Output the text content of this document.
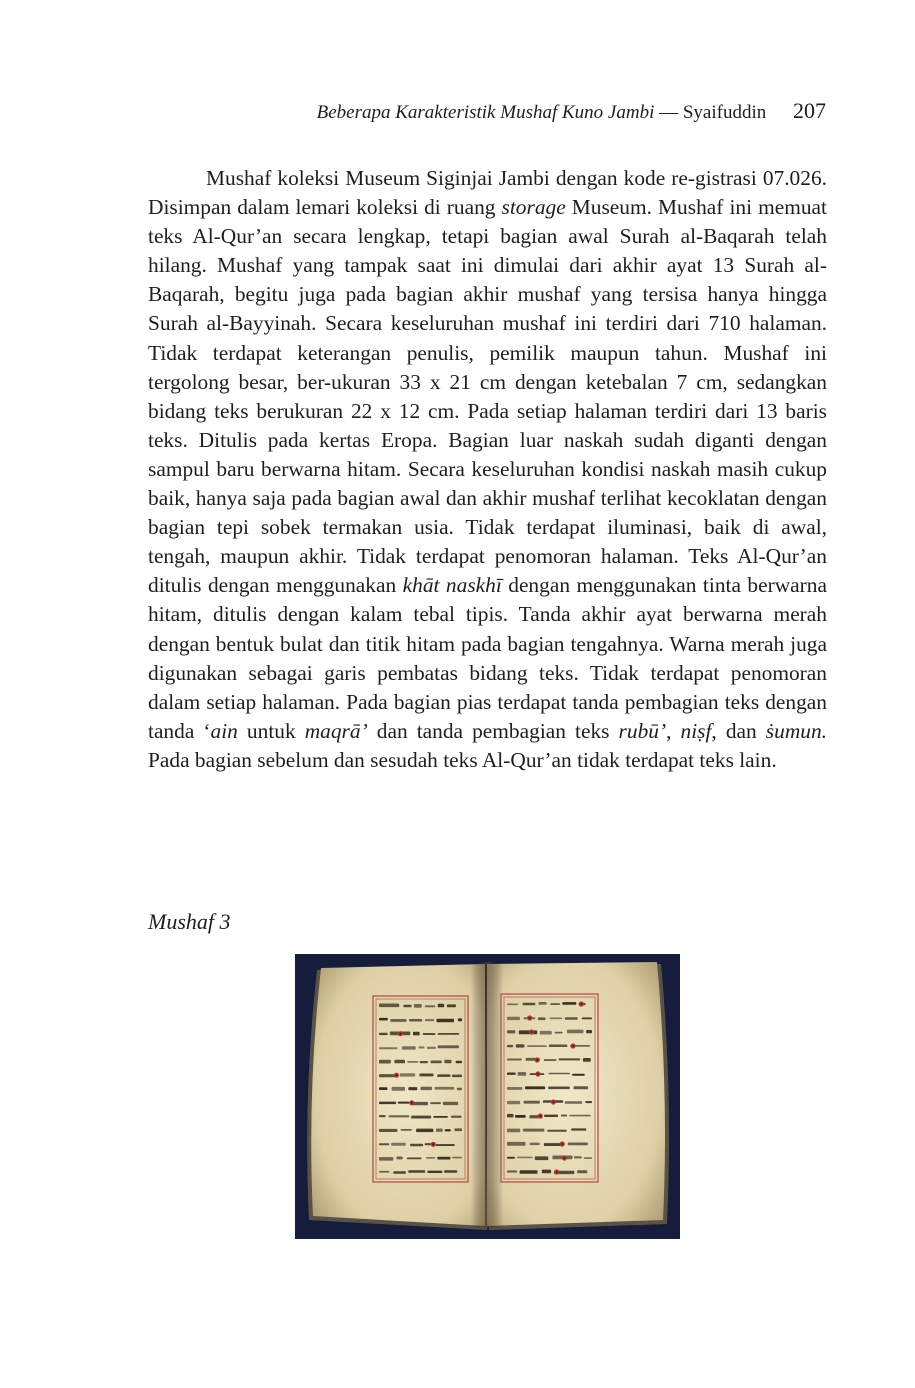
Beberapa Karakteristik Mushaf Kuno Jambi — Syaifuddin 207

Mushaf koleksi Museum Siginjai Jambi dengan kode re-gistrasi 07.026. Disimpan dalam lemari koleksi di ruang storage Museum. Mushaf ini memuat teks Al-Qur’an secara lengkap, tetapi bagian awal Surah al-Baqarah telah hilang. Mushaf yang tampak saat ini dimulai dari akhir ayat 13 Surah al-Baqarah, begitu juga pada bagian akhir mushaf yang tersisa hanya hingga Surah al-Bayyinah. Secara keseluruhan mushaf ini terdiri dari 710 halaman. Tidak terdapat keterangan penulis, pemilik maupun tahun. Mushaf ini tergolong besar, ber-ukuran 33 x 21 cm dengan ketebalan 7 cm, sedangkan bidang teks berukuran 22 x 12 cm. Pada setiap halaman terdiri dari 13 baris teks. Ditulis pada kertas Eropa. Bagian luar naskah sudah diganti dengan sampul baru berwarna hitam. Secara keseluruhan kondisi naskah masih cukup baik, hanya saja pada bagian awal dan akhir mushaf terlihat kecoklatan dengan bagian tepi sobek termakan usia. Tidak terdapat iluminasi, baik di awal, tengah, maupun akhir. Tidak terdapat penomoran halaman. Teks Al-Qur’an ditulis dengan menggunakan khāt naskhī dengan menggunakan tinta berwarna hitam, ditulis dengan kalam tebal tipis. Tanda akhir ayat berwarna merah dengan bentuk bulat dan titik hitam pada bagian tengahnya. Warna merah juga digunakan sebagai garis pembatas bidang teks. Tidak terdapat penomoran dalam setiap halaman. Pada bagian pias terdapat tanda pembagian teks dengan tanda ‘ain untuk maqrā’ dan tanda pembagian teks rubū’, niṣf, dan ṡumun. Pada bagian sebelum dan sesudah teks Al-Qur’an tidak terdapat teks lain.

Mushaf 3
